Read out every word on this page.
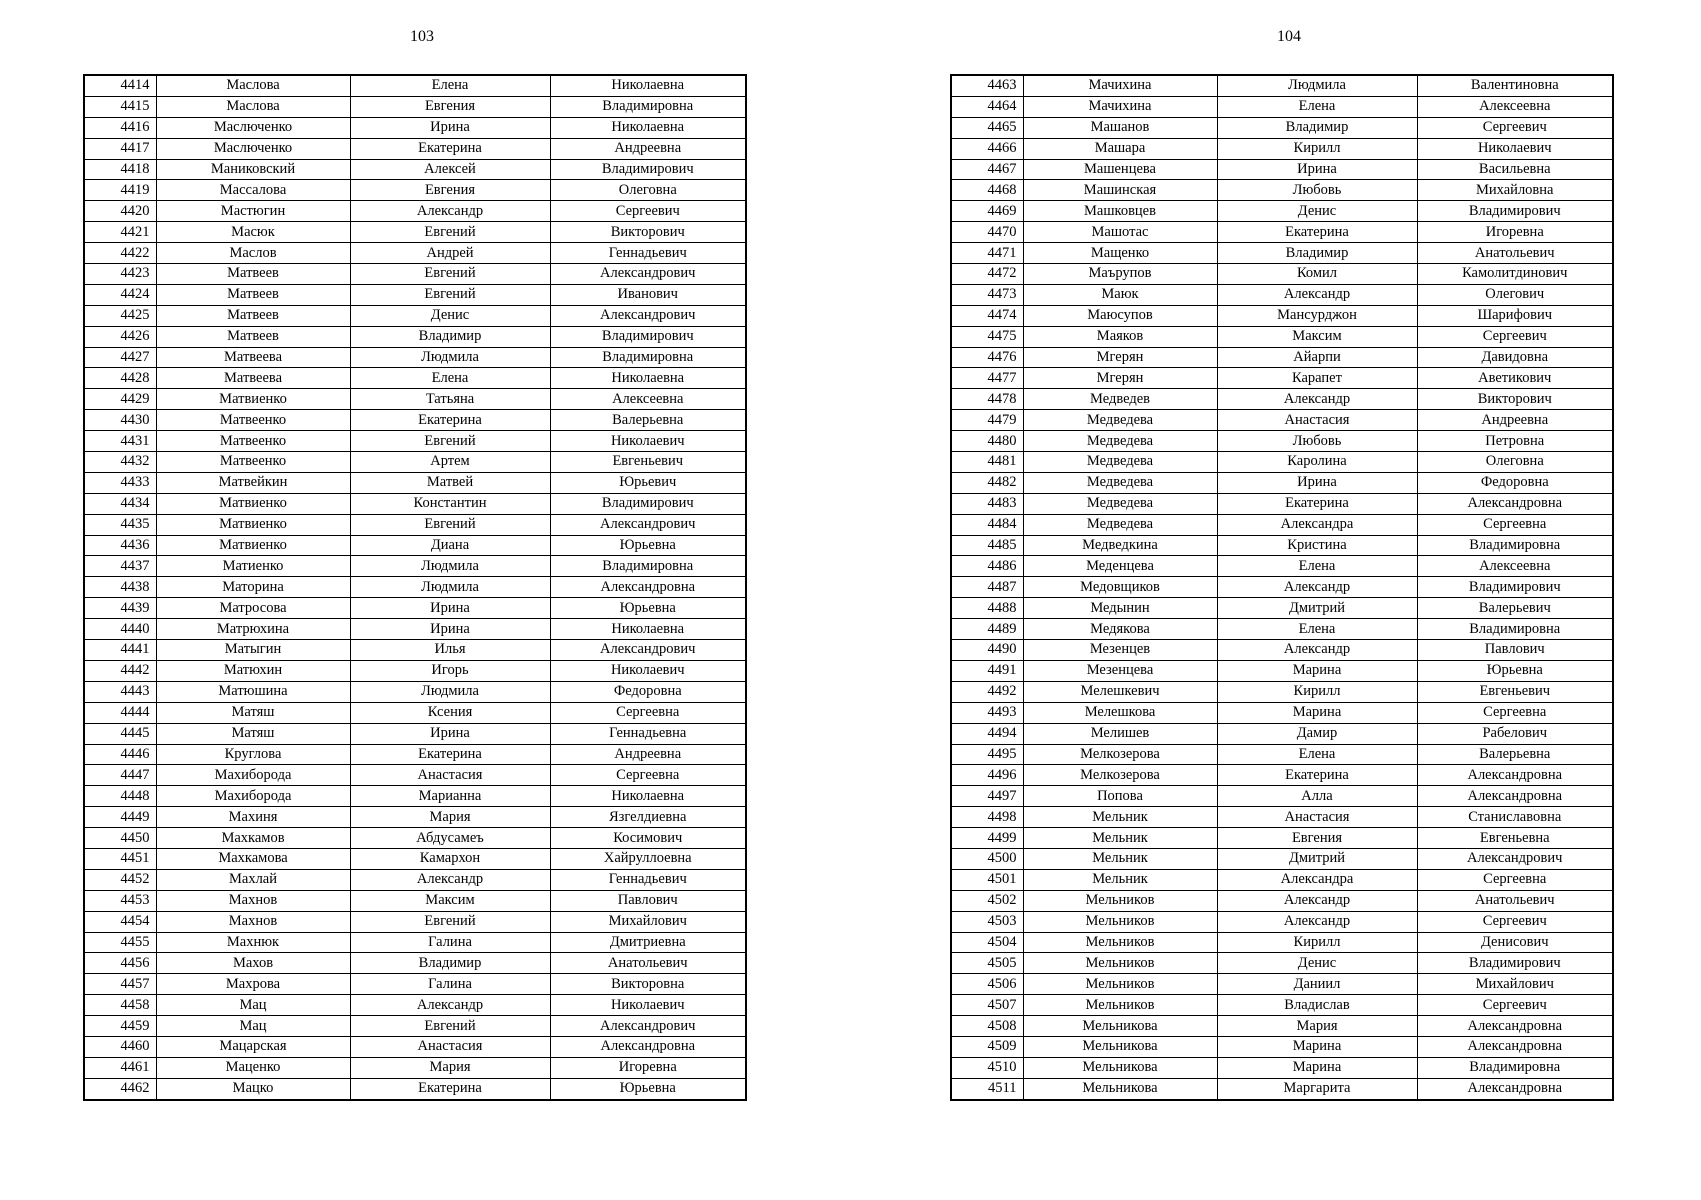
103
4414	Маслова	Елена	Николаевна
4415	Маслова	Евгения	Владимировна
4416	Маслюченко	Ирина	Николаевна
4417	Маслюченко	Екатерина	Андреевна
4418	Маниковский	Алексей	Владимирович
4419	Массалова	Евгения	Олеговна
4420	Мастюгин	Александр	Сергеевич
4421	Масюк	Евгений	Викторович
4422	Маслов	Андрей	Геннадьевич
4423	Матвеев	Евгений	Александрович
4424	Матвеев	Евгений	Иванович
4425	Матвеев	Денис	Александрович
4426	Матвеев	Владимир	Владимирович
4427	Матвеева	Людмила	Владимировна
4428	Матвеева	Елена	Николаевна
4429	Матвиенко	Татьяна	Алексеевна
4430	Матвеенко	Екатерина	Валерьевна
4431	Матвеенко	Евгений	Николаевич
4432	Матвеенко	Артем	Евгеньевич
4433	Матвейкин	Матвей	Юрьевич
4434	Матвиенко	Константин	Владимирович
4435	Матвиенко	Евгений	Александрович
4436	Матвиенко	Диана	Юрьевна
4437	Матиенко	Людмила	Владимировна
4438	Маторина	Людмила	Александровна
4439	Матросова	Ирина	Юрьевна
4440	Матрюхина	Ирина	Николаевна
4441	Матыгин	Илья	Александрович
4442	Матюхин	Игорь	Николаевич
4443	Матюшина	Людмила	Федоровна
4444	Матяш	Ксения	Сергеевна
4445	Матяш	Ирина	Геннадьевна
4446	Круглова	Екатерина	Андреевна
4447	Махиборода	Анастасия	Сергеевна
4448	Махиборода	Марианна	Николаевна
4449	Махиня	Мария	Язгелдиевна
4450	Махкамов	Абдусамеъ	Косимович
4451	Махкамова	Камархон	Хайруллоевна
4452	Махлай	Александр	Геннадьевич
4453	Махнов	Максим	Павлович
4454	Махнов	Евгений	Михайлович
4455	Махнюк	Галина	Дмитриевна
4456	Махов	Владимир	Анатольевич
4457	Махрова	Галина	Викторовна
4458	Мац	Александр	Николаевич
4459	Мац	Евгений	Александрович
4460	Мацарская	Анастасия	Александровна
4461	Маценко	Мария	Игоревна
4462	Мацко	Екатерина	Юрьевна
104
4463	Мачихина	Людмила	Валентиновна
4464	Мачихина	Елена	Алексеевна
4465	Машанов	Владимир	Сергеевич
4466	Машара	Кирилл	Николаевич
4467	Машенцева	Ирина	Васильевна
4468	Машинская	Любовь	Михайловна
4469	Машковцев	Денис	Владимирович
4470	Машотас	Екатерина	Игоревна
4471	Мащенко	Владимир	Анатольевич
4472	Маърупов	Комил	Камолитдинович
4473	Маюк	Александр	Олегович
4474	Маюсупов	Мансурджон	Шарифович
4475	Маяков	Максим	Сергеевич
4476	Мгерян	Айарпи	Давидовна
4477	Мгерян	Карапет	Аветикович
4478	Медведев	Александр	Викторович
4479	Медведева	Анастасия	Андреевна
4480	Медведева	Любовь	Петровна
4481	Медведева	Каролина	Олеговна
4482	Медведева	Ирина	Федоровна
4483	Медведева	Екатерина	Александровна
4484	Медведева	Александра	Сергеевна
4485	Медведкина	Кристина	Владимировна
4486	Меденцева	Елена	Алексеевна
4487	Медовщиков	Александр	Владимирович
4488	Медынин	Дмитрий	Валерьевич
4489	Медякова	Елена	Владимировна
4490	Мезенцев	Александр	Павлович
4491	Мезенцева	Марина	Юрьевна
4492	Мелешкевич	Кирилл	Евгеньевич
4493	Мелешкова	Марина	Сергеевна
4494	Мелишев	Дамир	Рабелович
4495	Мелкозерова	Елена	Валерьевна
4496	Мелкозерова	Екатерина	Александровна
4497	Попова	Алла	Александровна
4498	Мельник	Анастасия	Станиславовна
4499	Мельник	Евгения	Евгеньевна
4500	Мельник	Дмитрий	Александрович
4501	Мельник	Александра	Сергеевна
4502	Мельников	Александр	Анатольевич
4503	Мельников	Александр	Сергеевич
4504	Мельников	Кирилл	Денисович
4505	Мельников	Денис	Владимирович
4506	Мельников	Даниил	Михайлович
4507	Мельников	Владислав	Сергеевич
4508	Мельникова	Мария	Александровна
4509	Мельникова	Марина	Александровна
4510	Мельникова	Марина	Владимировна
4511	Мельникова	Маргарита	Александровна
